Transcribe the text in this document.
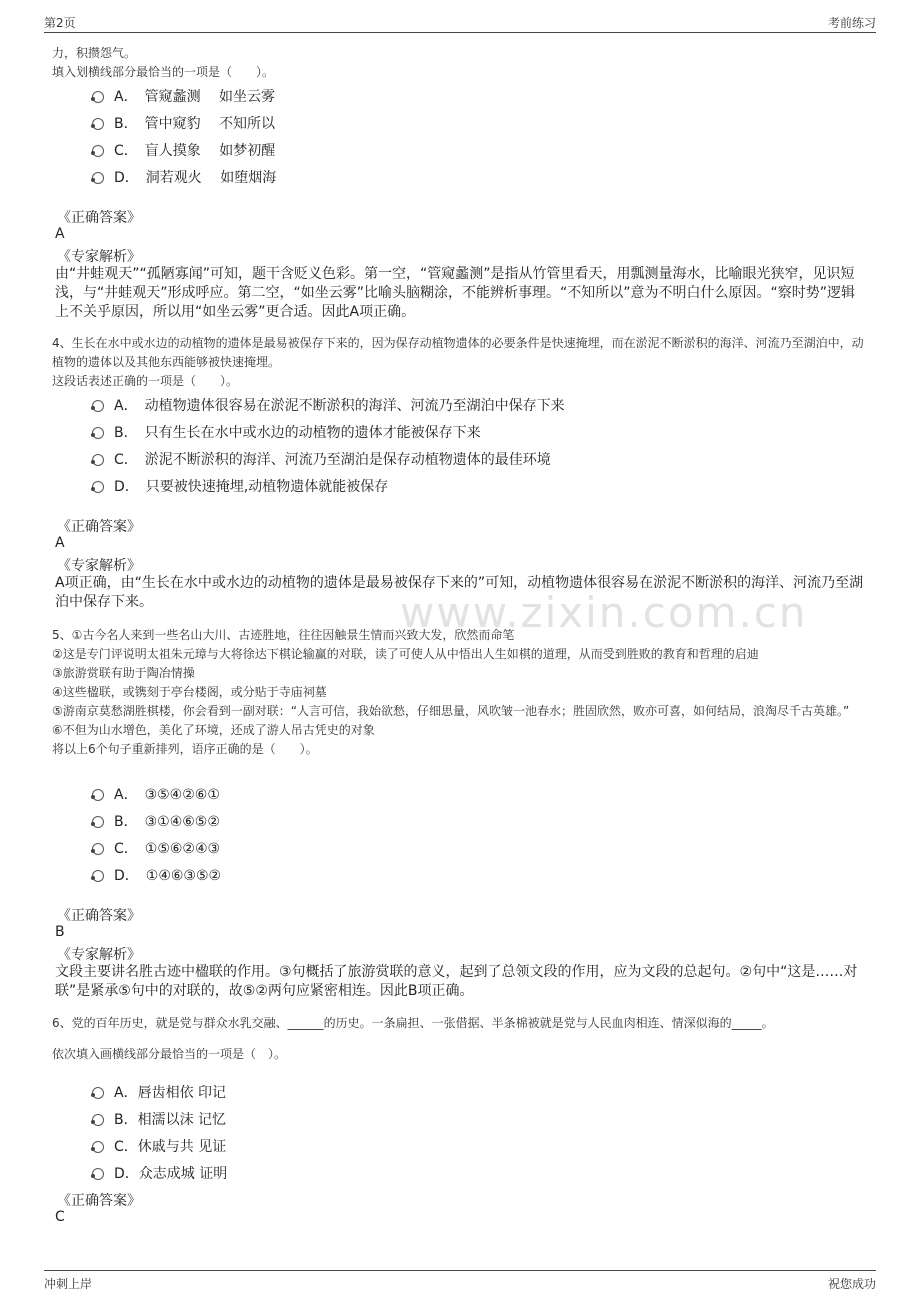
第2页	考前练习
www.zixin.com.cn
力，积攒怨气。
填入划横线部分最恰当的一项是（　　）。
A．　管窥蠡测　 如坐云雾
B．　管中窥豹　 不知所以
C．　盲人摸象　 如梦初醒
D．　洞若观火　 如堕烟海
《正确答案》
A
《专家解析》
由“井蛙观天”“孤陋寡闻”可知，题干含贬义色彩。第一空，“管窥蠡测”是指从竹管里看天，用瓢测量海水，比喻眼光狭窄，见识短浅，与“井蛙观天”形成呼应。第二空，“如坐云雾”比喻头脑糊涂，不能辨析事理。“不知所以”意为不明白什么原因。“察时势”逻辑上不关乎原因，所以用“如坐云雾”更合适。因此A项正确。
4、生长在水中或水边的动植物的遗体是最易被保存下来的，因为保存动植物遗体的必要条件是快速掩埋，而在淤泥不断淤积的海洋、河流乃至湖泊中，动植物的遗体以及其他东西能够被快速掩埋。
这段话表述正确的一项是（　　）。
A．　动植物遗体很容易在淤泥不断淤积的海洋、河流乃至湖泊中保存下来
B．　只有生长在水中或水边的动植物的遗体才能被保存下来
C．　淤泥不断淤积的海洋、河流乃至湖泊是保存动植物遗体的最佳环境
D．　只要被快速掩埋,动植物遗体就能被保存
《正确答案》
A
《专家解析》
A项正确，由“生长在水中或水边的动植物的遗体是最易被保存下来的”可知，动植物遗体很容易在淤泥不断淤积的海洋、河流乃至湖泊中保存下来。
5、①古今名人来到一些名山大川、古迹胜地，往往因触景生情而兴致大发，欣然而命笔
②这是专门评说明太祖朱元璋与大将徐达下棋论输赢的对联，读了可使人从中悟出人生如棋的道理，从而受到胜败的教育和哲理的启迪
③旅游赏联有助于陶冶情操
④这些楹联，或镌刻于亭台楼阁，或分贴于寺庙祠墓
⑤游南京莫愁湖胜棋楼，你会看到一副对联：“人言可信，我始欲愁，仔细思量，风吹皱一池春水；胜固欣然，败亦可喜，如何结局，浪淘尽千古英雄。”
⑥不但为山水增色，美化了环境，还成了游人吊古凭史的对象
将以上6个句子重新排列，语序正确的是（　　）。
A．　③⑤④②⑥①
B．　③①④⑥⑤②
C．　①⑤⑥②④③
D．　①④⑥③⑤②
《正确答案》
B
《专家解析》
文段主要讲名胜古迹中楹联的作用。③句概括了旅游赏联的意义，起到了总领文段的作用，应为文段的总起句。②句中“这是……对联”是紧承⑤句中的对联的，故⑤②两句应紧密相连。因此B项正确。
6、党的百年历史，就是党与群众水乳交融、______的历史。一条扁担、一张借据、半条棉被就是党与人民血肉相连、情深似海的_____。
依次填入画横线部分最恰当的一项是（　）。
A．唇齿相依 印记
B．相濡以沫 记忆
C．休戚与共 见证
D．众志成城 证明
《正确答案》
C
冲刺上岸	祝您成功
